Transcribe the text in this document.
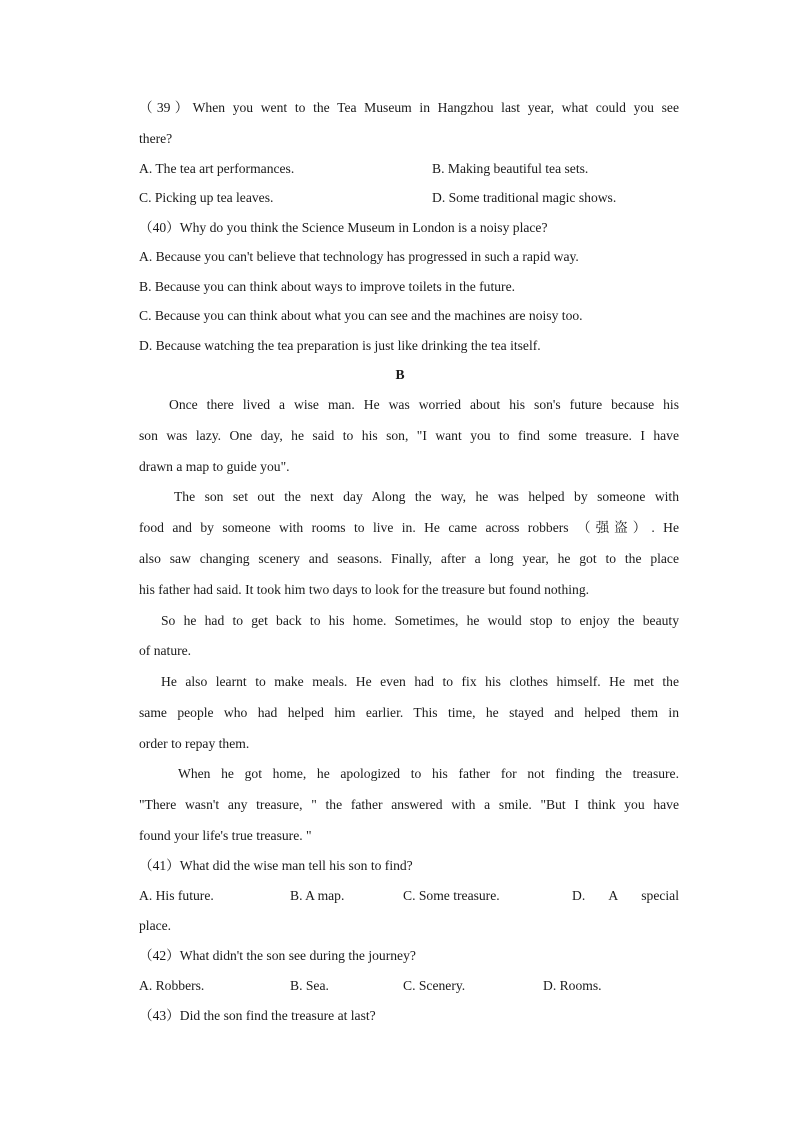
（39）When you went to the Tea Museum in Hangzhou last year, what could you see
there?
A. The tea art performances.	B. Making beautiful tea sets.
C. Picking up tea leaves.	D. Some traditional magic shows.
（40）Why do you think the Science Museum in London is a noisy place?
A. Because you can't believe that technology has progressed in such a rapid way.
B. Because you can think about ways to improve toilets in the future.
C. Because you can think about what you can see and the machines are noisy too.
D. Because watching the tea preparation is just like drinking the tea itself.
B
Once there lived a wise man. He was worried about his son's future because his
son was lazy. One day, he said to his son, "I want you to find some treasure. I have
drawn a map to guide you".
The son set out the next day Along the way, he was helped by someone with
food and by someone with rooms to live in. He came across robbers （强盗）. He
also saw changing scenery and seasons. Finally, after a long year, he got to the place
his father had said. It took him two days to look for the treasure but found nothing.
So he had to get back to his home. Sometimes, he would stop to enjoy the beauty
of nature.
He also learnt to make meals. He even had to fix his clothes himself. He met the
same people who had helped him earlier. This time, he stayed and helped them in
order to repay them.
When he got home, he apologized to his father for not finding the treasure.
"There wasn't any treasure, " the father answered with a smile. "But I think you have
found your life's true treasure. "
（41）What did the wise man tell his son to find?
A. His future.	B. A map.	C. Some treasure.	D.    A    special
place.
（42）What didn't the son see during the journey?
A. Robbers.	B. Sea.	C. Scenery.	D. Rooms.
（43）Did the son find the treasure at last?
